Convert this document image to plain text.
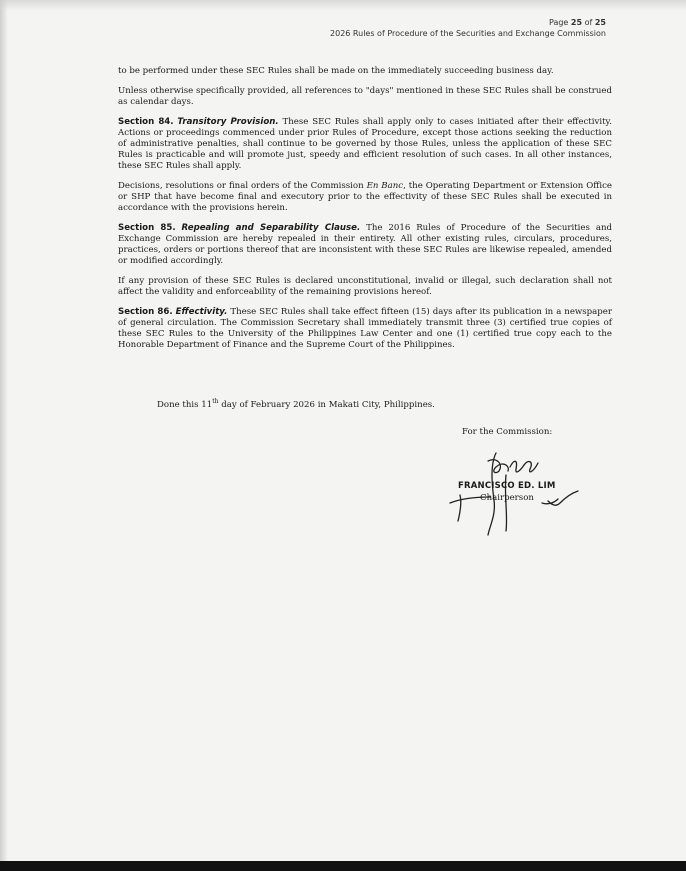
Page 25 of 25
2026 Rules of Procedure of the Securities and Exchange Commission

to be performed under these SEC Rules shall be made on the immediately succeeding business day.

Unless otherwise specifically provided, all references to "days" mentioned in these SEC Rules shall be construed as calendar days.

Section 84. Transitory Provision. These SEC Rules shall apply only to cases initiated after their effectivity. Actions or proceedings commenced under prior Rules of Procedure, except those actions seeking the reduction of administrative penalties, shall continue to be governed by those Rules, unless the application of these SEC Rules is practicable and will promote just, speedy and efficient resolution of such cases. In all other instances, these SEC Rules shall apply.

Decisions, resolutions or final orders of the Commission En Banc, the Operating Department or Extension Office or SHP that have become final and executory prior to the effectivity of these SEC Rules shall be executed in accordance with the provisions herein.

Section 85. Repealing and Separability Clause. The 2016 Rules of Procedure of the Securities and Exchange Commission are hereby repealed in their entirety. All other existing rules, circulars, procedures, practices, orders or portions thereof that are inconsistent with these SEC Rules are likewise repealed, amended or modified accordingly.

If any provision of these SEC Rules is declared unconstitutional, invalid or illegal, such declaration shall not affect the validity and enforceability of the remaining provisions hereof.

Section 86. Effectivity. These SEC Rules shall take effect fifteen (15) days after its publication in a newspaper of general circulation. The Commission Secretary shall immediately transmit three (3) certified true copies of these SEC Rules to the University of the Philippines Law Center and one (1) certified true copy each to the Honorable Department of Finance and the Supreme Court of the Philippines.

Done this 11th day of February 2026 in Makati City, Philippines.
For the Commission:
FRANCISCO ED. LIM
Chairperson
